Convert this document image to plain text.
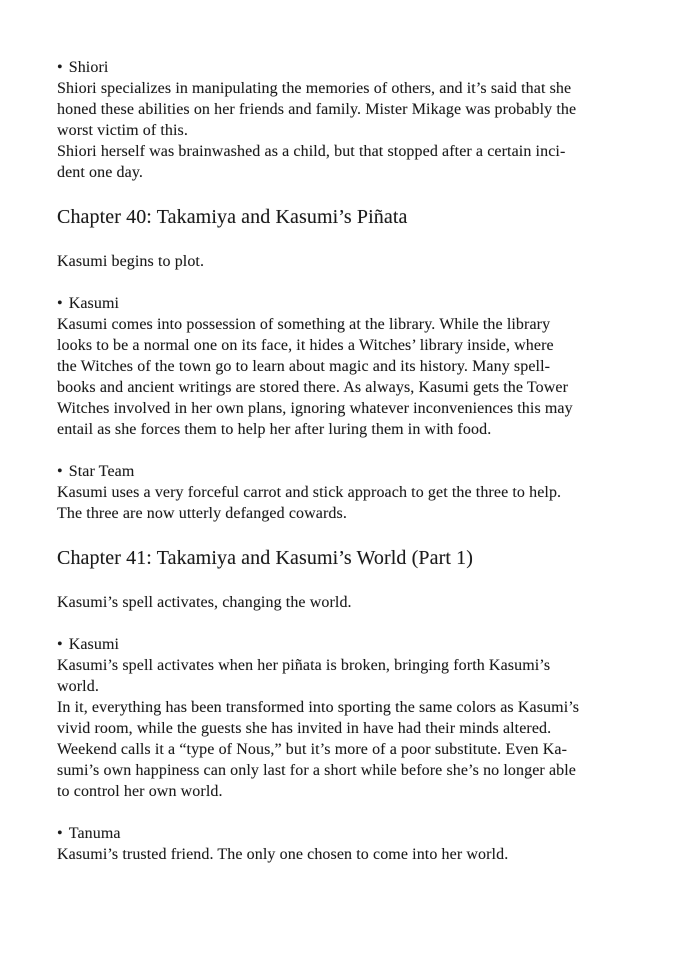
• Shiori
Shiori specializes in manipulating the memories of others, and it’s said that she
honed these abilities on her friends and family. Mister Mikage was probably the
worst victim of this.
Shiori herself was brainwashed as a child, but that stopped after a certain inci-
dent one day.
Chapter 40: Takamiya and Kasumi’s Piñata
Kasumi begins to plot.
• Kasumi
Kasumi comes into possession of something at the library. While the library
looks to be a normal one on its face, it hides a Witches’ library inside, where
the Witches of the town go to learn about magic and its history. Many spell-
books and ancient writings are stored there. As always, Kasumi gets the Tower
Witches involved in her own plans, ignoring whatever inconveniences this may
entail as she forces them to help her after luring them in with food.
• Star Team
Kasumi uses a very forceful carrot and stick approach to get the three to help.
The three are now utterly defanged cowards.
Chapter 41: Takamiya and Kasumi’s World (Part 1)
Kasumi’s spell activates, changing the world.
• Kasumi
Kasumi’s spell activates when her piñata is broken, bringing forth Kasumi’s
world.
In it, everything has been transformed into sporting the same colors as Kasumi’s
vivid room, while the guests she has invited in have had their minds altered.
Weekend calls it a “type of Nous,” but it’s more of a poor substitute. Even Ka-
sumi’s own happiness can only last for a short while before she’s no longer able
to control her own world.
• Tanuma
Kasumi’s trusted friend. The only one chosen to come into her world.
